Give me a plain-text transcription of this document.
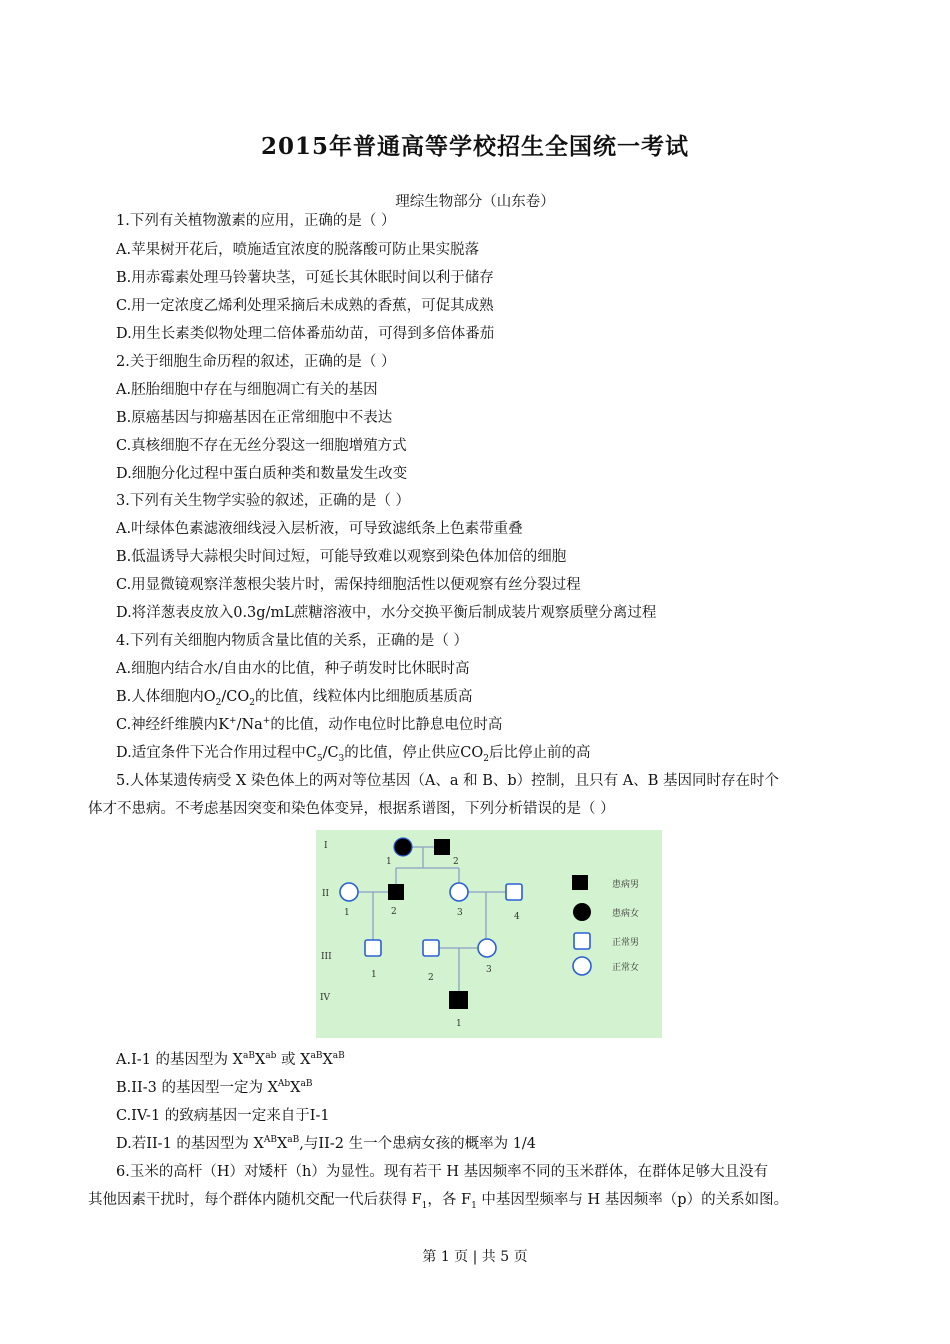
2015年普通高等学校招生全国统一考试
理综生物部分（山东卷）
1.下列有关植物激素的应用，正确的是（ ）
A.苹果树开花后，喷施适宜浓度的脱落酸可防止果实脱落
B.用赤霉素处理马铃薯块茎，可延长其休眠时间以利于储存
C.用一定浓度乙烯利处理采摘后未成熟的香蕉，可促其成熟
D.用生长素类似物处理二倍体番茄幼苗，可得到多倍体番茄
2.关于细胞生命历程的叙述，正确的是（ ）
A.胚胎细胞中存在与细胞凋亡有关的基因
B.原癌基因与抑癌基因在正常细胞中不表达
C.真核细胞不存在无丝分裂这一细胞增殖方式
D.细胞分化过程中蛋白质种类和数量发生改变
3.下列有关生物学实验的叙述，正确的是（ ）
A.叶绿体色素滤液细线浸入层析液，可导致滤纸条上色素带重叠
B.低温诱导大蒜根尖时间过短，可能导致难以观察到染色体加倍的细胞
C.用显微镜观察洋葱根尖装片时，需保持细胞活性以便观察有丝分裂过程
D.将洋葱表皮放入0.3g/mL蔗糖溶液中，水分交换平衡后制成装片观察质壁分离过程
4.下列有关细胞内物质含量比值的关系，正确的是（ ）
A.细胞内结合水/自由水的比值，种子萌发时比休眠时高
B.人体细胞内$O_2/CO_2$的比值，线粒体内比细胞质基质高
C.神经纤维膜内K+/Na+的比值，动作电位时比静息电位时高
D.适宜条件下光合作用过程中$C_5/C_3$的比值，停止供应$CO_2$后比停止前的高
5.人体某遗传病受 X 染色体上的两对等位基因（A、a 和 B、b）控制，且只有 A、B 基因同时存在时个
体才不患病。不考虑基因突变和染色体变异，根据系谱图，下列分析错误的是（ ）
I
II
III
IV
1	2
1	2	3	4
1	2
3
1
患病男
患病女
正常男
正常女
A.I-1 的基因型为 $X^{aB}X^{ab}$ 或 $X^{aB}X^{aB}$
B.II-3 的基因型一定为 $X^{Ab}X^{aB}$
C.IV-1 的致病基因一定来自于I-1
D.若II-1 的基因型为 $X^{AB}X^{aB}$,与II-2 生一个患病女孩的概率为 1/4
6.玉米的高杆（H）对矮杆（h）为显性。现有若干 H 基因频率不同的玉米群体，在群体足够大且没有
其他因素干扰时，每个群体内随机交配一代后获得 $F_1$，各 $F_1$ 中基因型频率与 H 基因频率（p）的关系如图。
第 1 页 | 共 5 页
